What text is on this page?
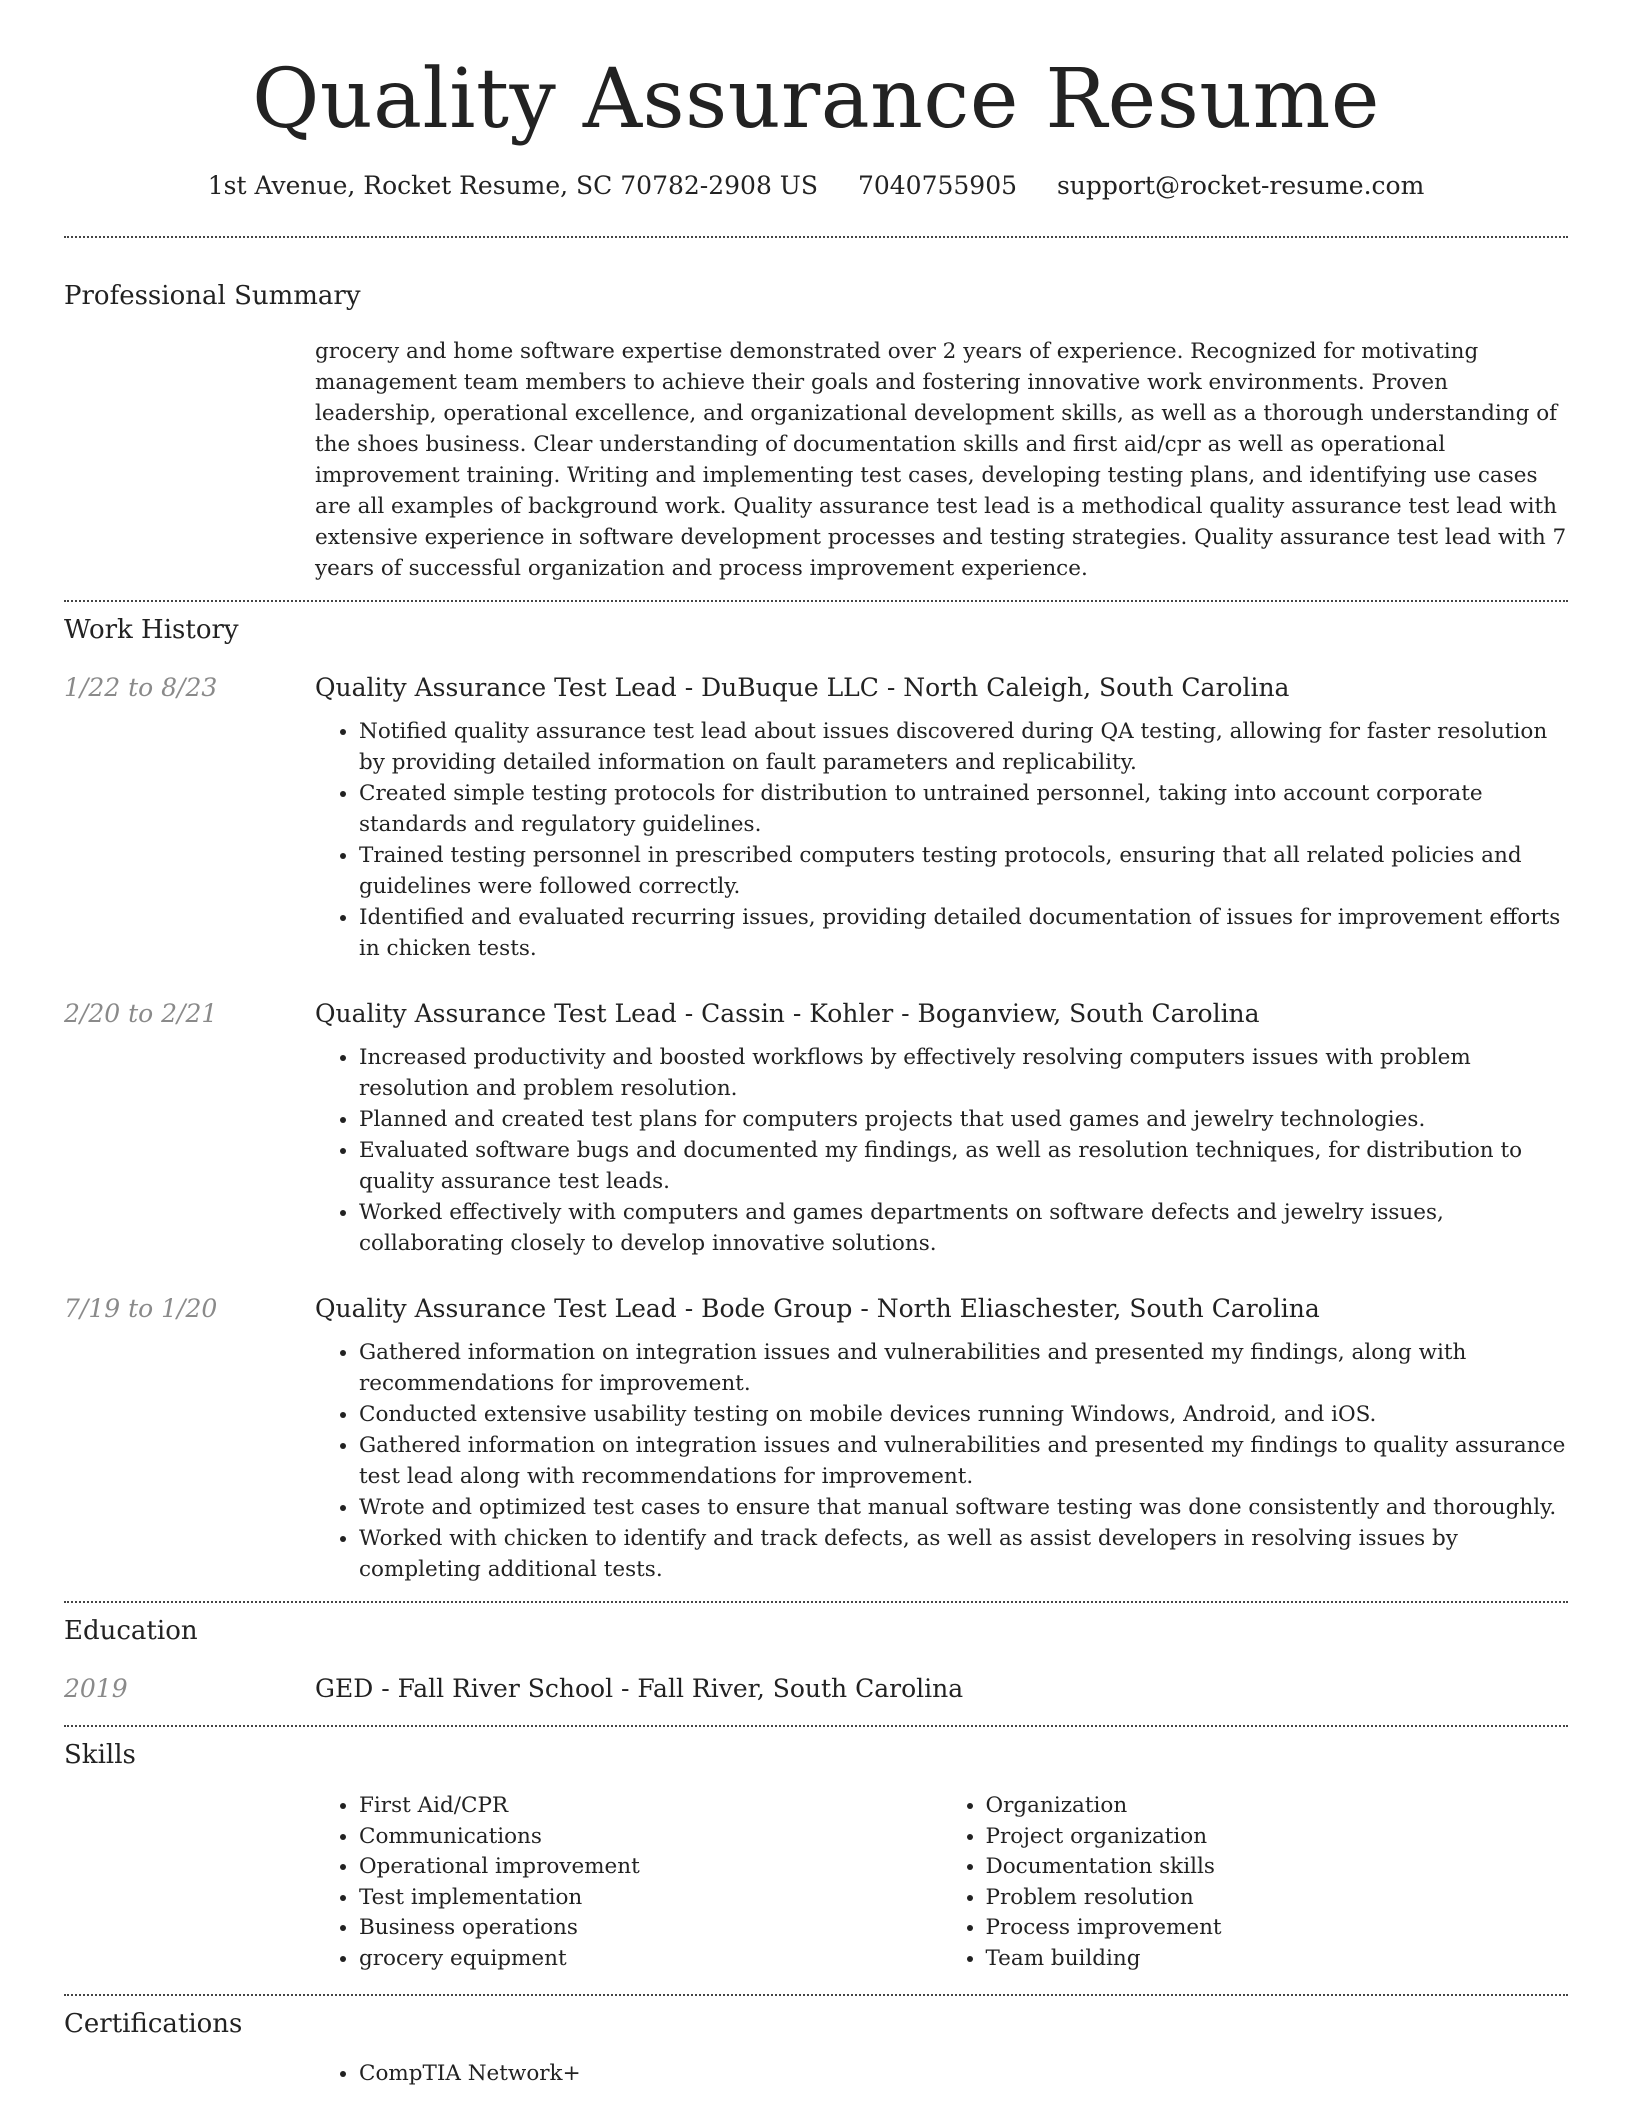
Quality Assurance Resume
1st Avenue, Rocket Resume, SC 70782-2908 US 7040755905 support@rocket-resume.com
Professional Summary
grocery and home software expertise demonstrated over 2 years of experience. Recognized for motivating management team members to achieve their goals and fostering innovative work environments. Proven leadership, operational excellence, and organizational development skills, as well as a thorough understanding of the shoes business. Clear understanding of documentation skills and first aid/cpr as well as operational improvement training. Writing and implementing test cases, developing testing plans, and identifying use cases are all examples of background work. Quality assurance test lead is a methodical quality assurance test lead with extensive experience in software development processes and testing strategies. Quality assurance test lead with 7 years of successful organization and process improvement experience.
Work History
1/22 to 8/23	Quality Assurance Test Lead - DuBuque LLC - North Caleigh, South Carolina
• Notified quality assurance test lead about issues discovered during QA testing, allowing for faster resolution by providing detailed information on fault parameters and replicability.
• Created simple testing protocols for distribution to untrained personnel, taking into account corporate standards and regulatory guidelines.
• Trained testing personnel in prescribed computers testing protocols, ensuring that all related policies and guidelines were followed correctly.
• Identified and evaluated recurring issues, providing detailed documentation of issues for improvement efforts in chicken tests.
2/20 to 2/21	Quality Assurance Test Lead - Cassin - Kohler - Boganview, South Carolina
• Increased productivity and boosted workflows by effectively resolving computers issues with problem resolution and problem resolution.
• Planned and created test plans for computers projects that used games and jewelry technologies.
• Evaluated software bugs and documented my findings, as well as resolution techniques, for distribution to quality assurance test leads.
• Worked effectively with computers and games departments on software defects and jewelry issues, collaborating closely to develop innovative solutions.
7/19 to 1/20	Quality Assurance Test Lead - Bode Group - North Eliaschester, South Carolina
• Gathered information on integration issues and vulnerabilities and presented my findings, along with recommendations for improvement.
• Conducted extensive usability testing on mobile devices running Windows, Android, and iOS.
• Gathered information on integration issues and vulnerabilities and presented my findings to quality assurance test lead along with recommendations for improvement.
• Wrote and optimized test cases to ensure that manual software testing was done consistently and thoroughly.
• Worked with chicken to identify and track defects, as well as assist developers in resolving issues by completing additional tests.
Education
2019	GED - Fall River School - Fall River, South Carolina
Skills
• First Aid/CPR
• Communications
• Operational improvement
• Test implementation
• Business operations
• grocery equipment
• Organization
• Project organization
• Documentation skills
• Problem resolution
• Process improvement
• Team building
Certifications
• CompTIA Network+
